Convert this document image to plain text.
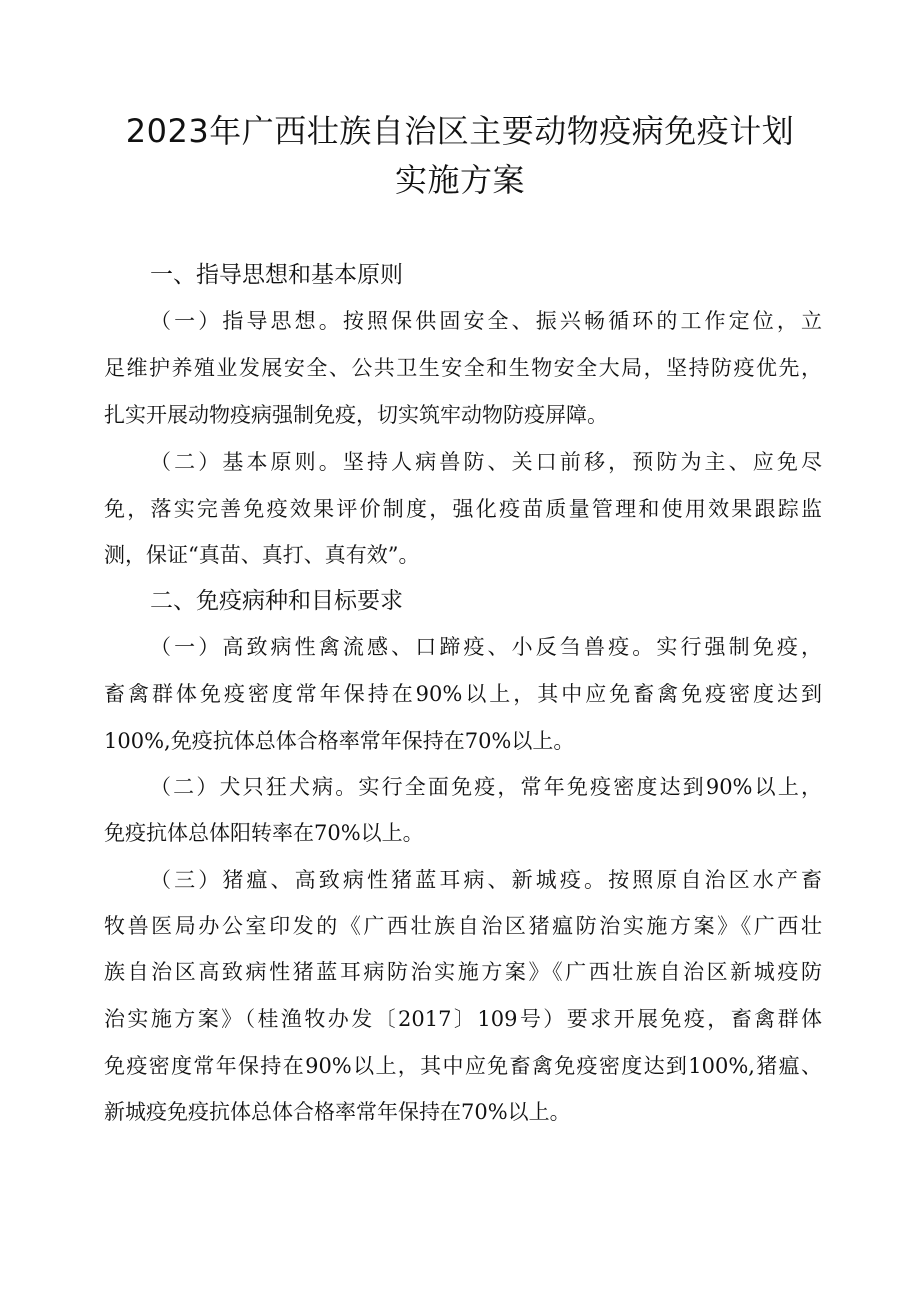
2023年广西壮族自治区主要动物疫病免疫计划
实施方案
一、指导思想和基本原则
（一）指导思想。按照保供固安全、振兴畅循环的工作定位，立
足维护养殖业发展安全、公共卫生安全和生物安全大局，坚持防疫优先，
扎实开展动物疫病强制免疫，切实筑牢动物防疫屏障。
（二）基本原则。坚持人病兽防、关口前移，预防为主、应免尽
免，落实完善免疫效果评价制度，强化疫苗质量管理和使用效果跟踪监
测，保证“真苗、真打、真有效”。
二、免疫病种和目标要求
（一）高致病性禽流感、口蹄疫、小反刍兽疫。实行强制免疫，
畜禽群体免疫密度常年保持在90%以上，其中应免畜禽免疫密度达到
100%,免疫抗体总体合格率常年保持在70%以上。
（二）犬只狂犬病。实行全面免疫，常年免疫密度达到90%以上，
免疫抗体总体阳转率在70%以上。
（三）猪瘟、高致病性猪蓝耳病、新城疫。按照原自治区水产畜
牧兽医局办公室印发的《广西壮族自治区猪瘟防治实施方案》《广西壮
族自治区高致病性猪蓝耳病防治实施方案》《广西壮族自治区新城疫防
治实施方案》（桂渔牧办发〔2017〕109号）要求开展免疫，畜禽群体
免疫密度常年保持在90%以上，其中应免畜禽免疫密度达到100%,猪瘟、
新城疫免疫抗体总体合格率常年保持在70%以上。
